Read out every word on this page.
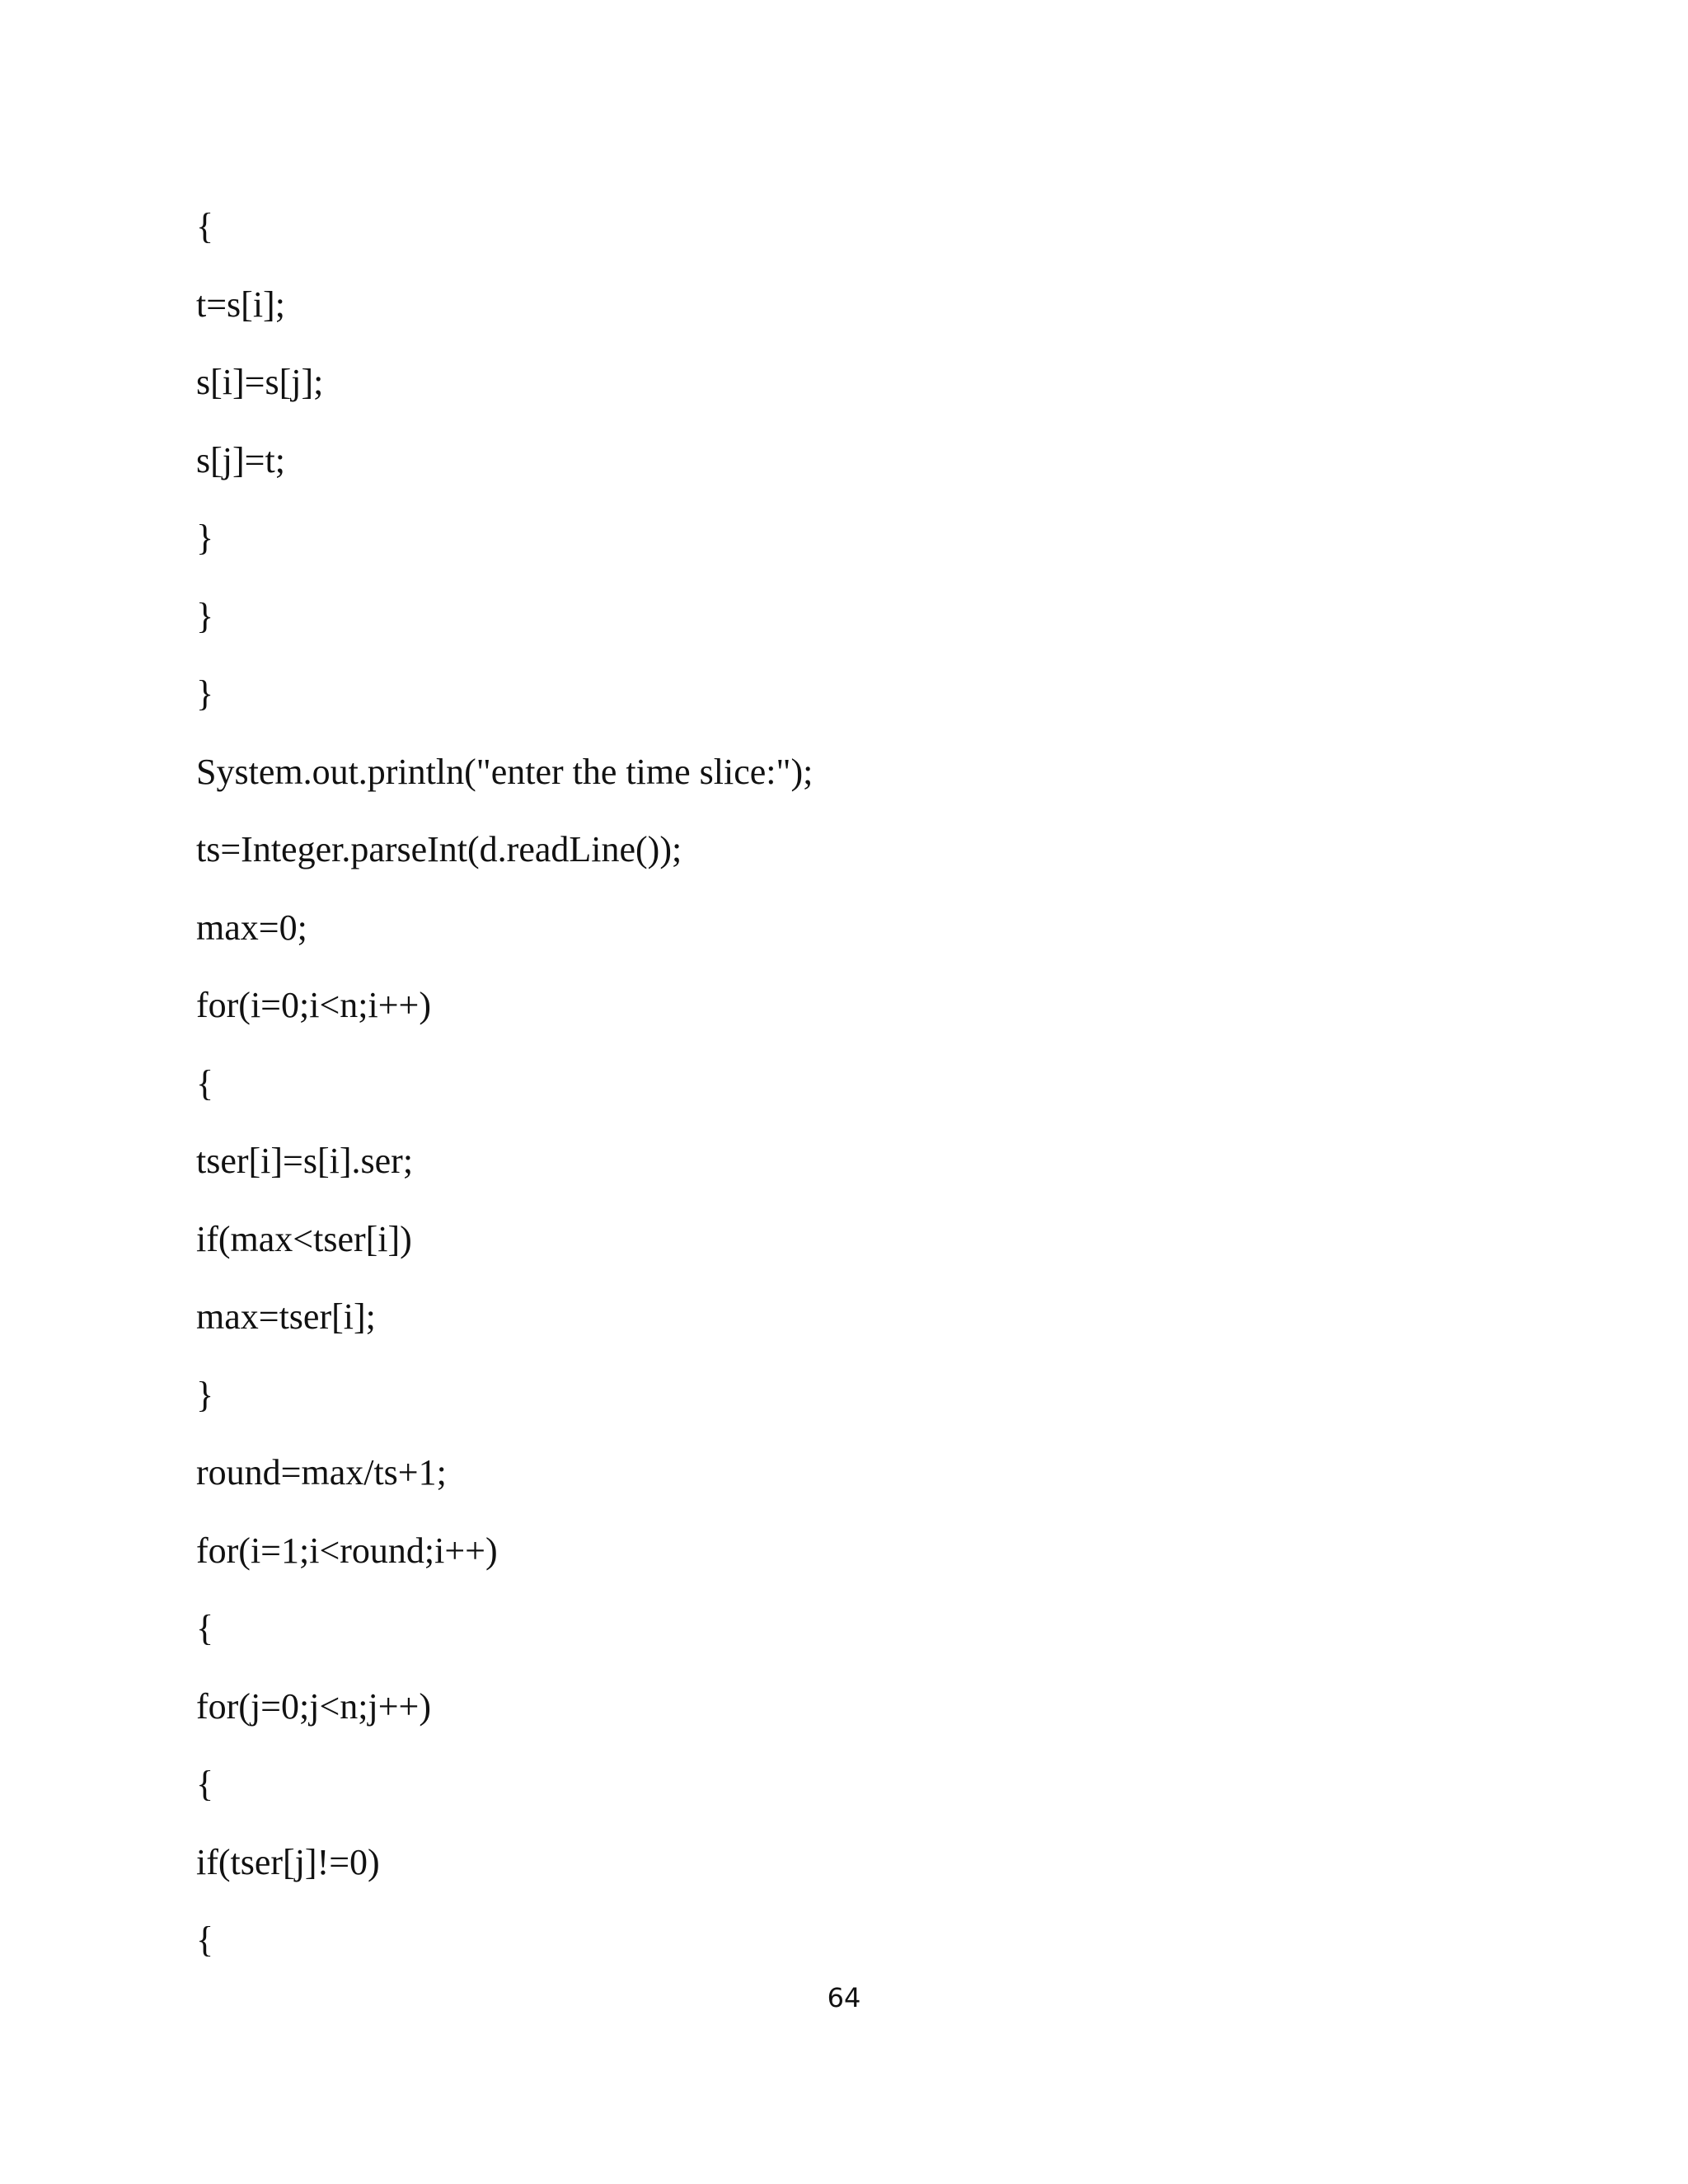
{
t=s[i];
s[i]=s[j];
s[j]=t;
}
}
}
System.out.println("enter the time slice:");
ts=Integer.parseInt(d.readLine());
max=0;
for(i=0;i<n;i++)
{
tser[i]=s[i].ser;
if(max<tser[i])
max=tser[i];
}
round=max/ts+1;
for(i=1;i<round;i++)
{
for(j=0;j<n;j++)
{
if(tser[j]!=0)
{
64
